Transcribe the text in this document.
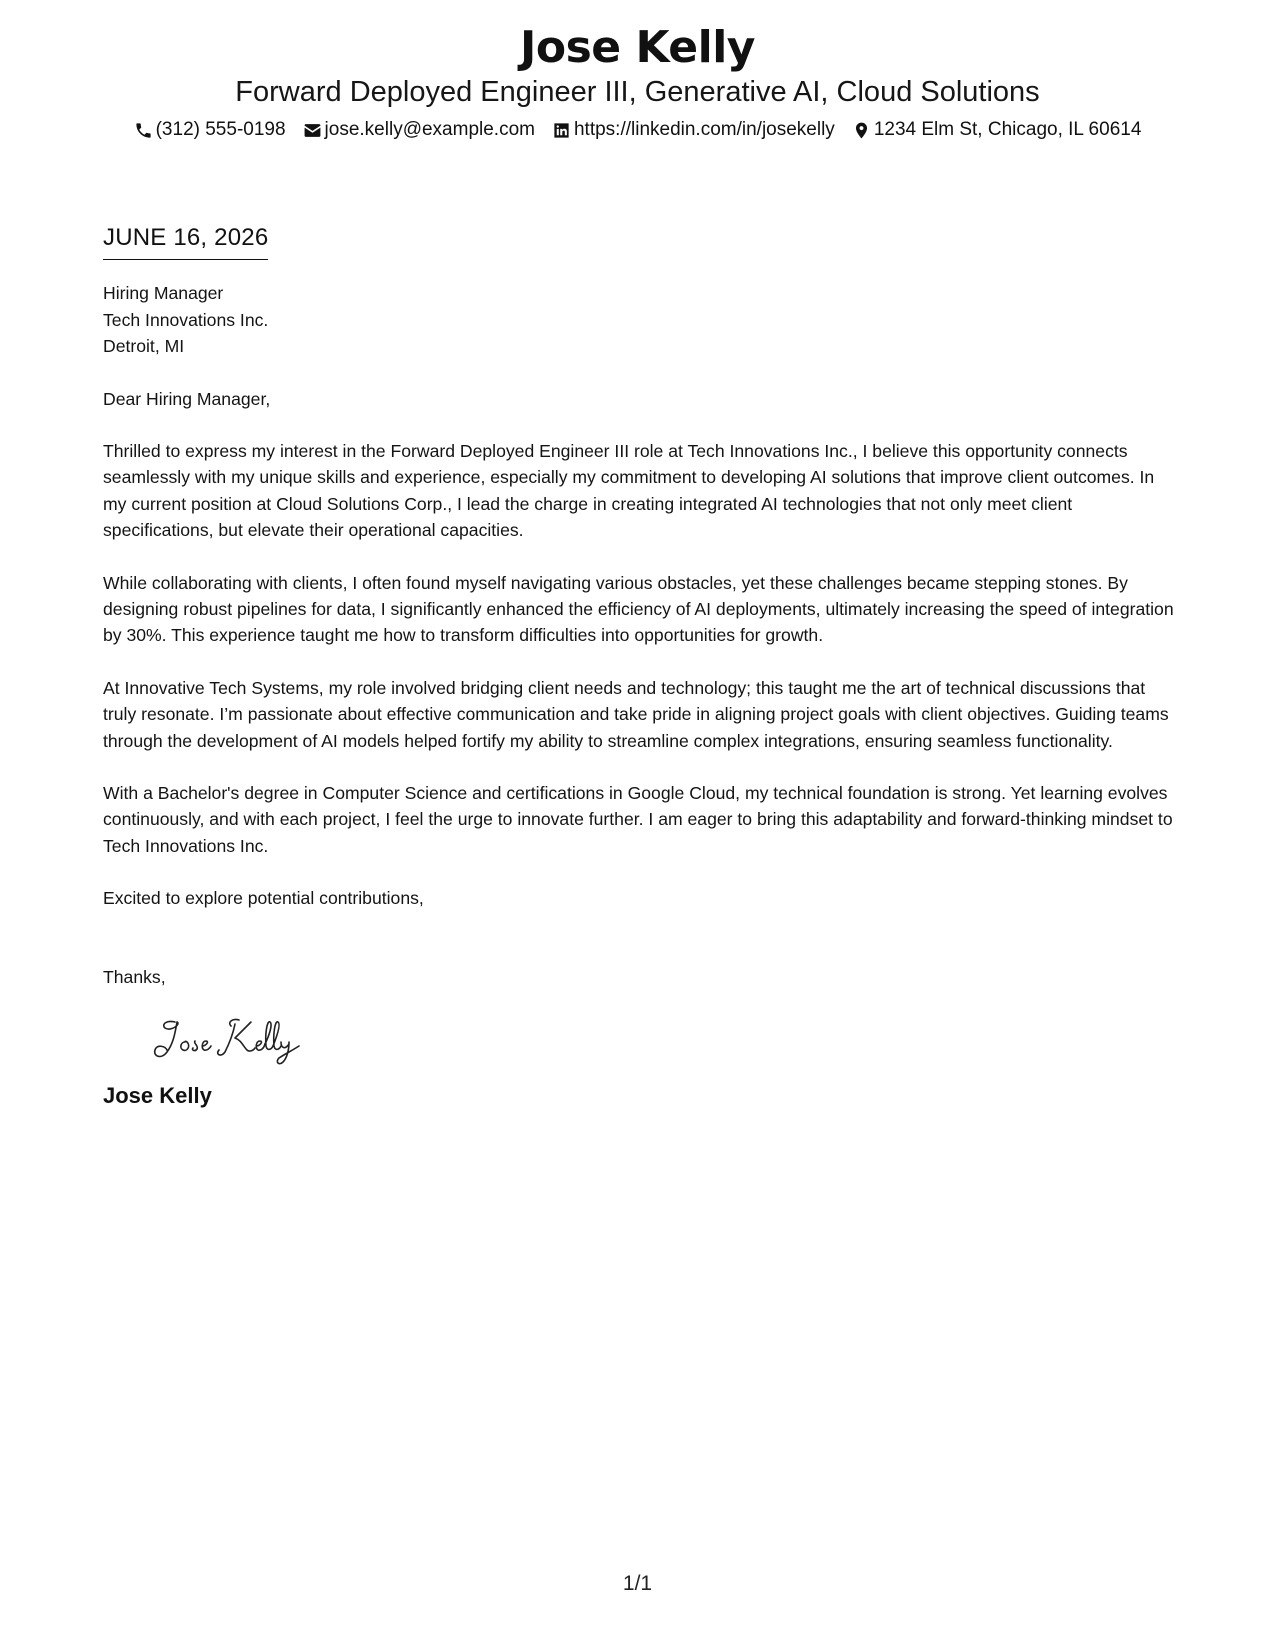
Jose Kelly
Forward Deployed Engineer III, Generative AI, Cloud Solutions
(312) 555-0198 jose.kelly@example.com https://linkedin.com/in/josekelly 1234 Elm St, Chicago, IL 60614
JUNE 16, 2026
Hiring Manager
Tech Innovations Inc.
Detroit, MI
Dear Hiring Manager,
Thrilled to express my interest in the Forward Deployed Engineer III role at Tech Innovations Inc., I believe this opportunity connects seamlessly with my unique skills and experience, especially my commitment to developing AI solutions that improve client outcomes. In my current position at Cloud Solutions Corp., I lead the charge in creating integrated AI technologies that not only meet client specifications, but elevate their operational capacities.
While collaborating with clients, I often found myself navigating various obstacles, yet these challenges became stepping stones. By designing robust pipelines for data, I significantly enhanced the efficiency of AI deployments, ultimately increasing the speed of integration by 30%. This experience taught me how to transform difficulties into opportunities for growth.
At Innovative Tech Systems, my role involved bridging client needs and technology; this taught me the art of technical discussions that truly resonate. I’m passionate about effective communication and take pride in aligning project goals with client objectives. Guiding teams through the development of AI models helped fortify my ability to streamline complex integrations, ensuring seamless functionality.
With a Bachelor's degree in Computer Science and certifications in Google Cloud, my technical foundation is strong. Yet learning evolves continuously, and with each project, I feel the urge to innovate further. I am eager to bring this adaptability and forward-thinking mindset to Tech Innovations Inc.
Excited to explore potential contributions,
Thanks,
Jose Kelly
1/1
